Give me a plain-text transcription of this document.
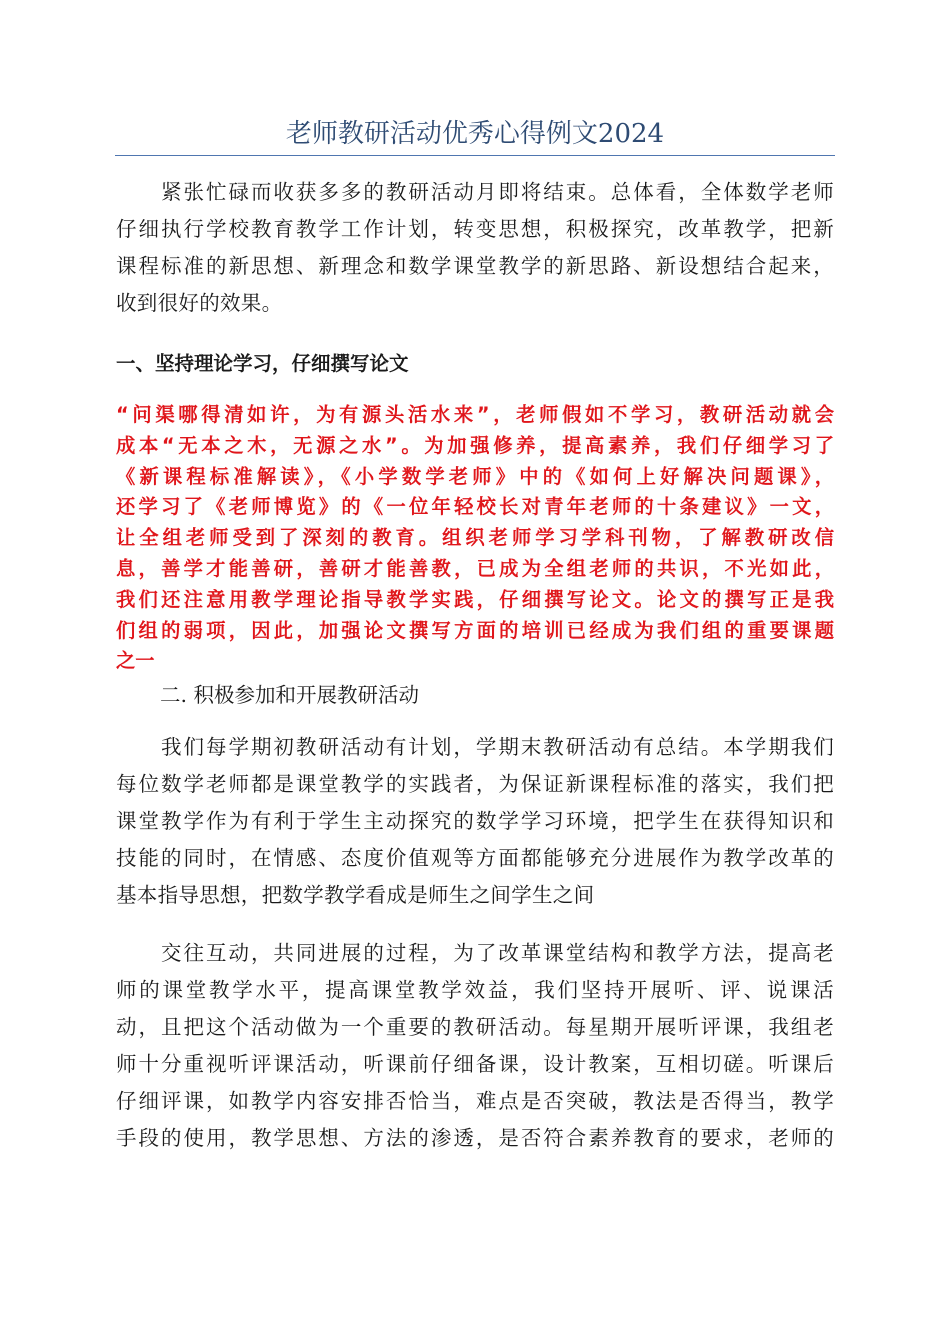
老师教研活动优秀心得例文2024

　　紧张忙碌而收获多多的教研活动月即将结束。总体看，全体数学老师
仔细执行学校教育教学工作计划，转变思想，积极探究，改革教学，把新
课程标准的新思想、新理念和数学课堂教学的新思路、新设想结合起来，
收到很好的效果。

一、坚持理论学习，仔细撰写论文
“问渠哪得清如许，为有源头活水来”，老师假如不学习，教研活动就会
成本“无本之木，无源之水”。为加强修养，提高素养，我们仔细学习了
《新课程标准解读》，《小学数学老师》中的《如何上好解决问题课》，
还学习了《老师博览》的《一位年轻校长对青年老师的十条建议》一文，
让全组老师受到了深刻的教育。组织老师学习学科刊物，了解教研改信
息，善学才能善研，善研才能善教，已成为全组老师的共识，不光如此，
我们还注意用教学理论指导教学实践，仔细撰写论文。论文的撰写正是我
们组的弱项，因此，加强论文撰写方面的培训已经成为我们组的重要课题
之一
二. 积极参加和开展教研活动

　　我们每学期初教研活动有计划，学期末教研活动有总结。本学期我们
每位数学老师都是课堂教学的实践者，为保证新课程标准的落实，我们把
课堂教学作为有利于学生主动探究的数学学习环境，把学生在获得知识和
技能的同时，在情感、态度价值观等方面都能够充分进展作为教学改革的
基本指导思想，把数学教学看成是师生之间学生之间

　　交往互动，共同进展的过程，为了改革课堂结构和教学方法，提高老
师的课堂教学水平，提高课堂教学效益，我们坚持开展听、评、说课活
动，且把这个活动做为一个重要的教研活动。每星期开展听评课，我组老
师十分重视听评课活动，听课前仔细备课，设计教案，互相切磋。听课后
仔细评课，如教学内容安排否恰当，难点是否突破，教法是否得当，教学
手段的使用，教学思想、方法的渗透，是否符合素养教育的要求，老师的
